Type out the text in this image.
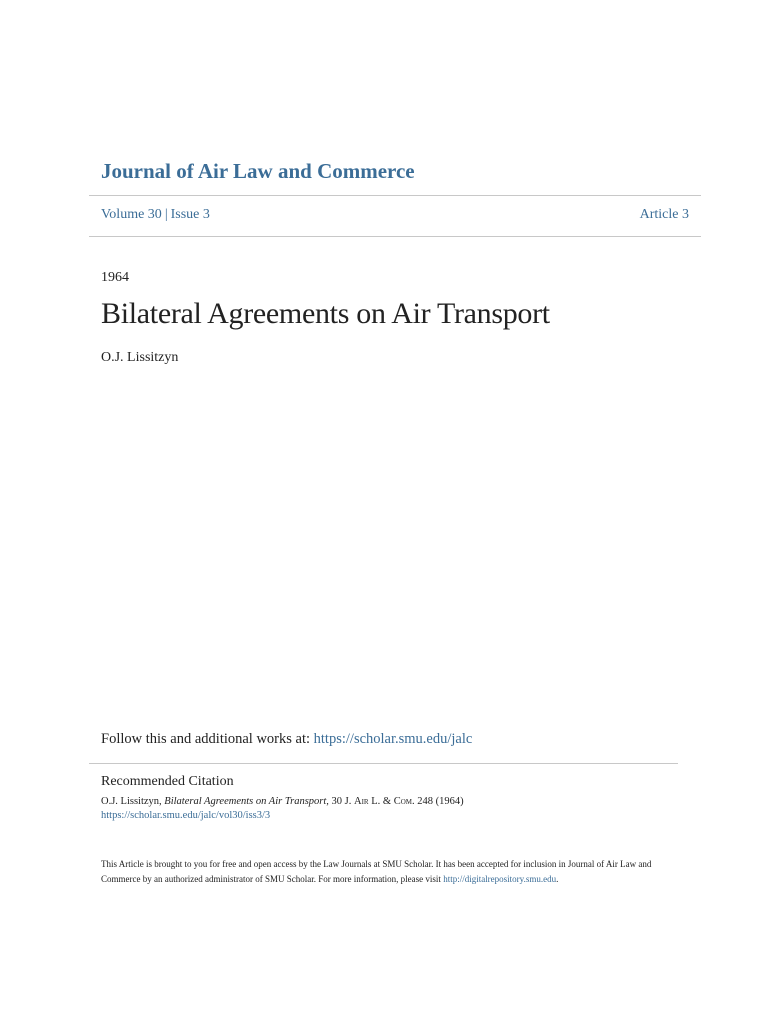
Journal of Air Law and Commerce
Volume 30 | Issue 3	Article 3
1964
Bilateral Agreements on Air Transport
O.J. Lissitzyn
Follow this and additional works at: https://scholar.smu.edu/jalc
Recommended Citation
O.J. Lissitzyn, Bilateral Agreements on Air Transport, 30 J. Air L. & Com. 248 (1964)
https://scholar.smu.edu/jalc/vol30/iss3/3
This Article is brought to you for free and open access by the Law Journals at SMU Scholar. It has been accepted for inclusion in Journal of Air Law and Commerce by an authorized administrator of SMU Scholar. For more information, please visit http://digitalrepository.smu.edu.
